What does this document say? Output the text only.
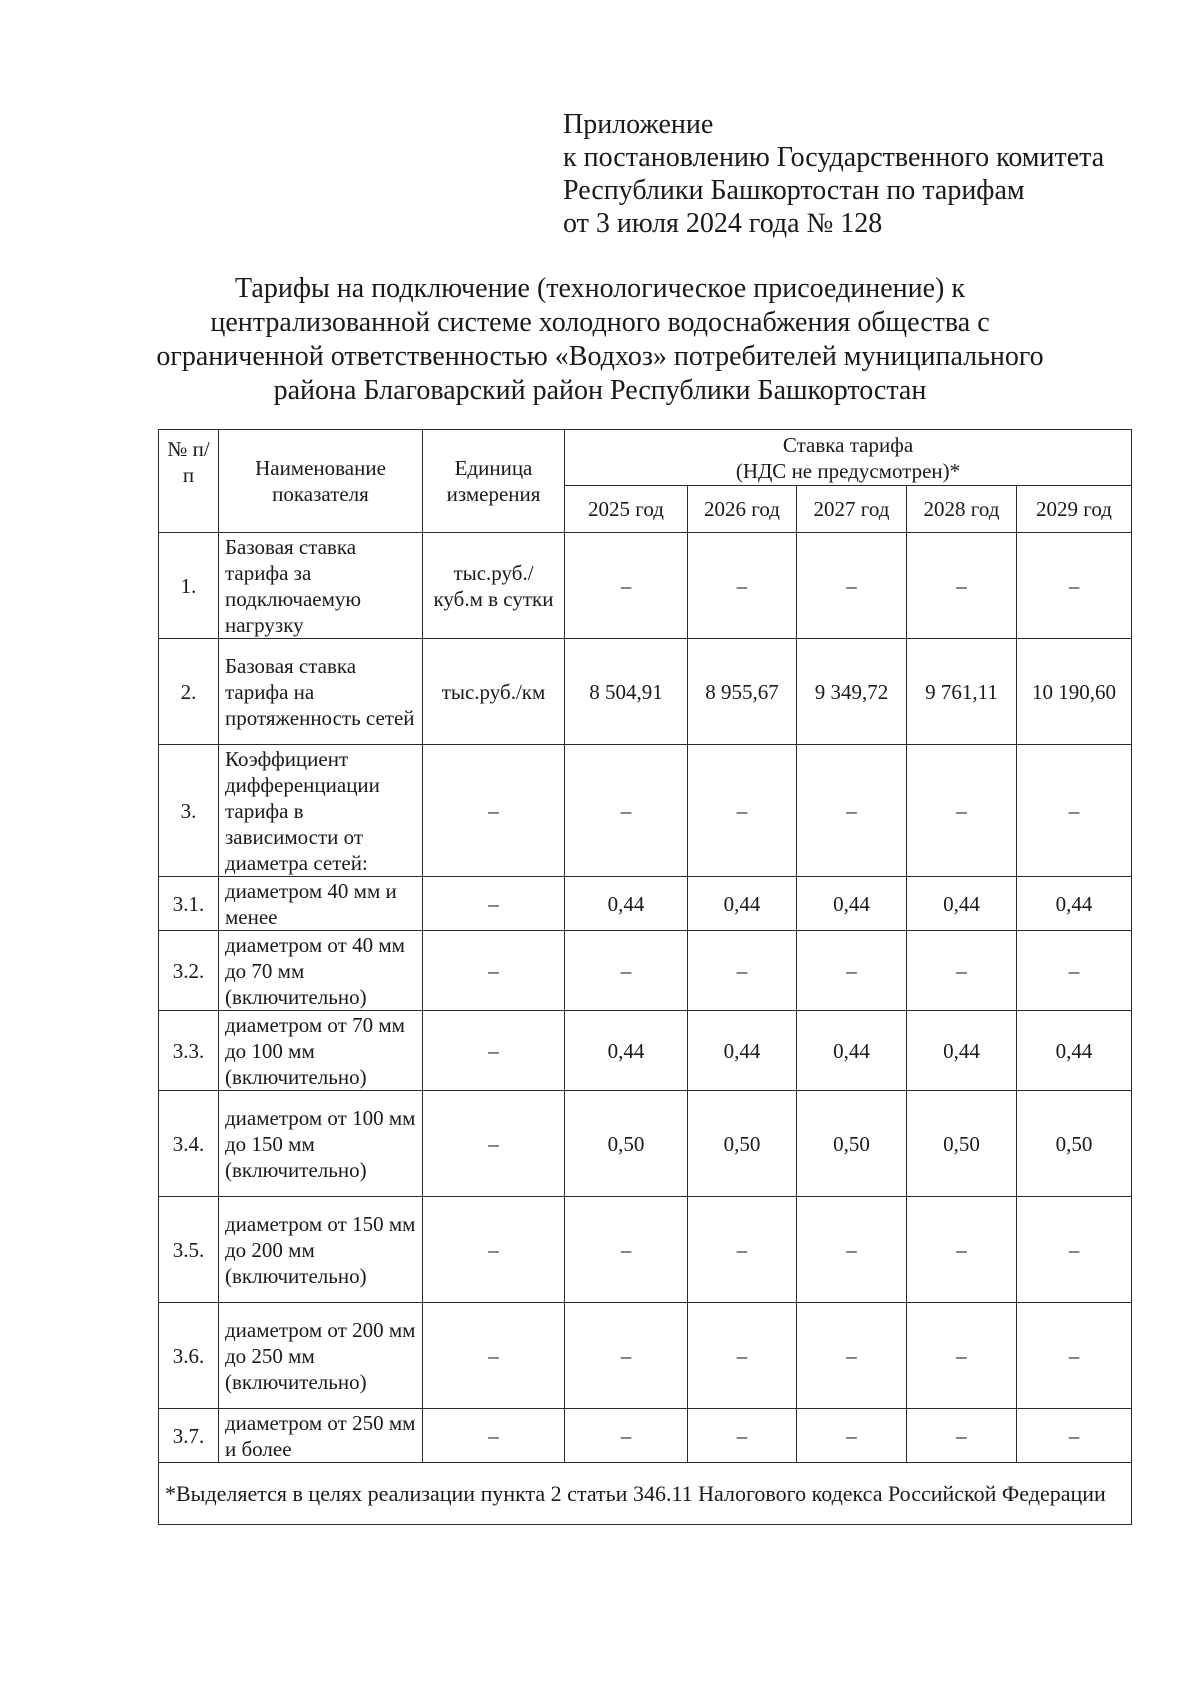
Приложение
к постановлению Государственного комитета
Республики Башкортостан по тарифам
от 3 июля 2024 года № 128
Тарифы на подключение (технологическое присоединение) к
централизованной системе холодного водоснабжения общества с
ограниченной ответственностью «Водхоз» потребителей муниципального
района Благоварский район Республики Башкортостан
№ п/п	Наименование показателя	Единица измерения	Ставка тарифа
(НДС не предусмотрен)*				

			2025 год	2026 год	2027 год	2028 год	2029 год
1.	Базовая ставка тарифа за подключаемую нагрузку	тыс.руб./ куб.м в сутки	–	–	–	–	–
2.	Базовая ставка тарифа на протяженность сетей	тыс.руб./км	8 504,91	8 955,67	9 349,72	9 761,11	10 190,60
3.	Коэффициент дифференциации тарифа в зависимости от диаметра сетей:	–	–	–	–	–	–
3.1.	диаметром 40 мм и менее	–	0,44	0,44	0,44	0,44	0,44
3.2.	диаметром от 40 мм до 70 мм (включительно)	–	–	–	–	–	–
3.3.	диаметром от 70 мм до 100 мм (включительно)	–	0,44	0,44	0,44	0,44	0,44
3.4.	диаметром от 100 мм до 150 мм (включительно)	–	0,50	0,50	0,50	0,50	0,50
3.5.	диаметром от 150 мм до 200 мм (включительно)	–	–	–	–	–	–
3.6.	диаметром от 200 мм до 250 мм (включительно)	–	–	–	–	–	–
3.7.	диаметром от 250 мм и более	–	–	–	–	–	–
*Выделяется в целях реализации пункта 2 статьи 346.11 Налогового кодекса Российской Федерации							
